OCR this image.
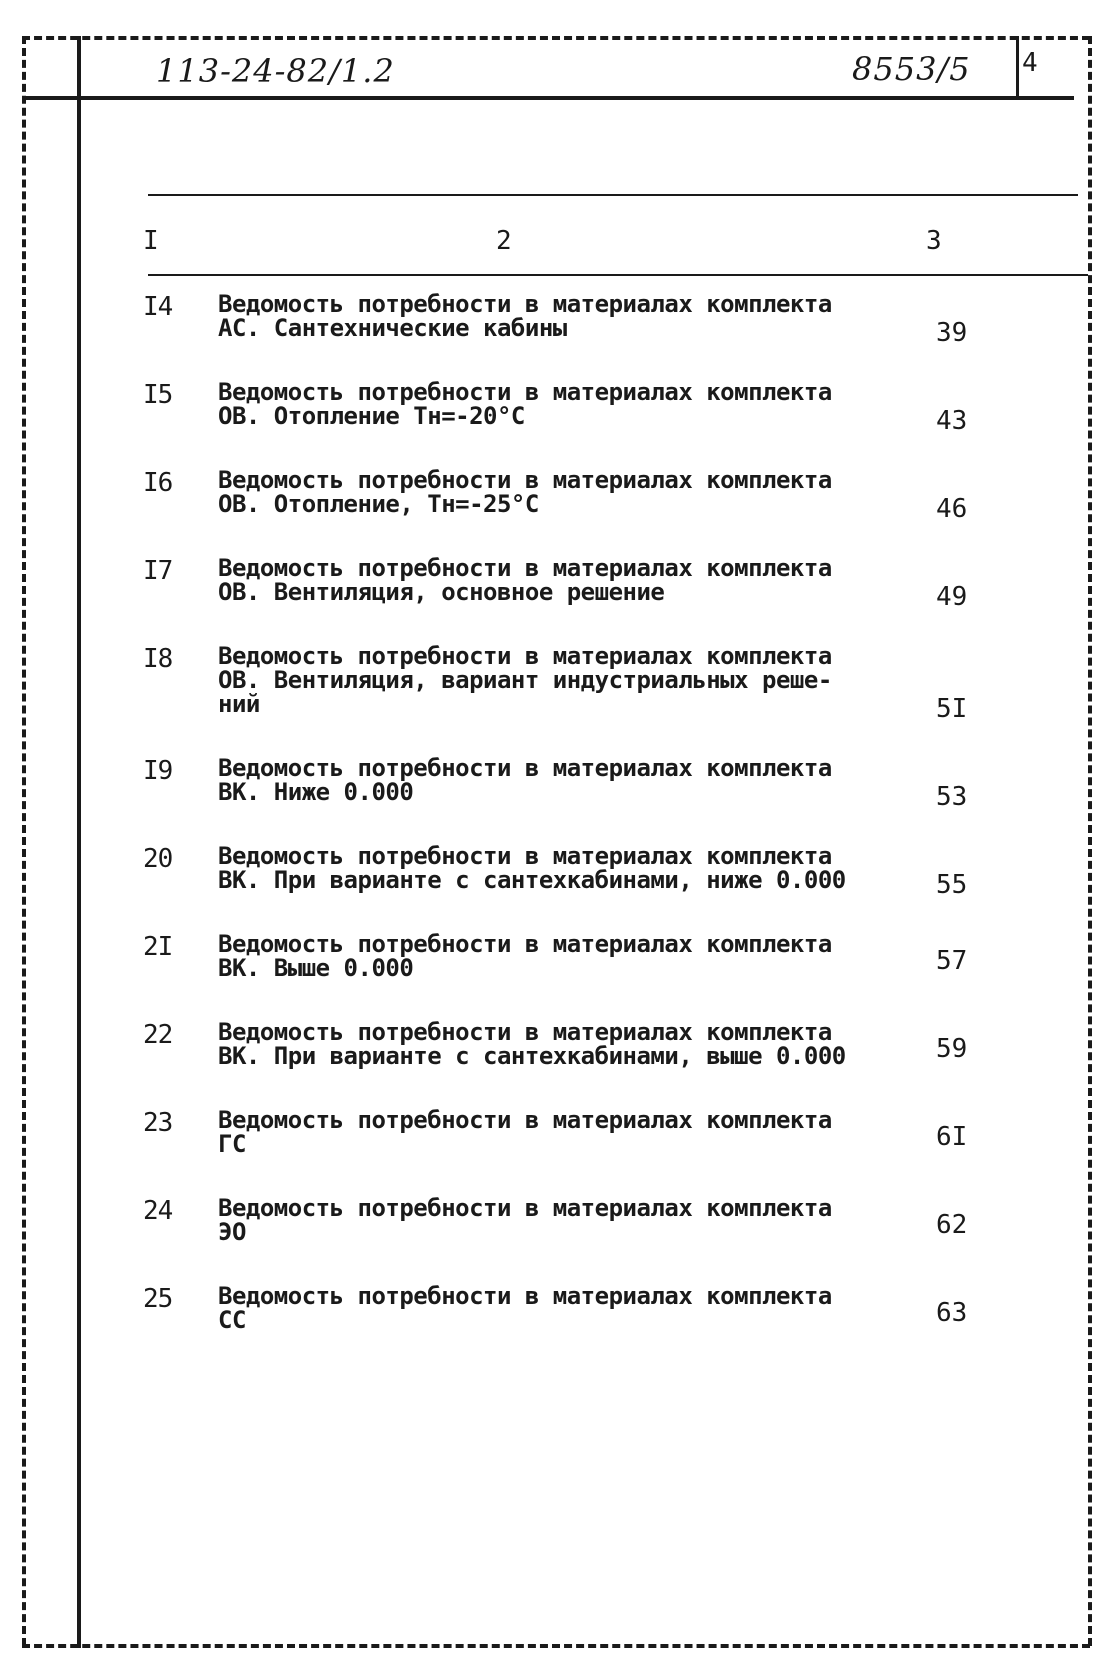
113-24-82/1.2	8553/5 4
I	2	3
I4 Ведомость потребности в материалах комплекта
АС. Сантехнические кабины	39
I5 Ведомость потребности в материалах комплекта
ОВ. Отопление Тн=-20°С	43
I6 Ведомость потребности в материалах комплекта
ОВ. Отопление, Тн=-25°С	46
I7 Ведомость потребности в материалах комплекта
ОВ. Вентиляция, основное решение	49
I8 Ведомость потребности в материалах комплекта
ОВ. Вентиляция, вариант индустриальных реше-
ний	5I
I9 Ведомость потребности в материалах комплекта
ВК. Ниже 0.000	53
20 Ведомость потребности в материалах комплекта
ВК. При варианте с сантехкабинами, ниже 0.000	55
2I Ведомость потребности в материалах комплекта
ВК. Выше 0.000	57
22 Ведомость потребности в материалах комплекта
ВК. При варианте с сантехкабинами, выше 0.000	59
23 Ведомость потребности в материалах комплекта
ГС	6I
24 Ведомость потребности в материалах комплекта
ЭО	62
25 Ведомость потребности в материалах комплекта
СС	63
